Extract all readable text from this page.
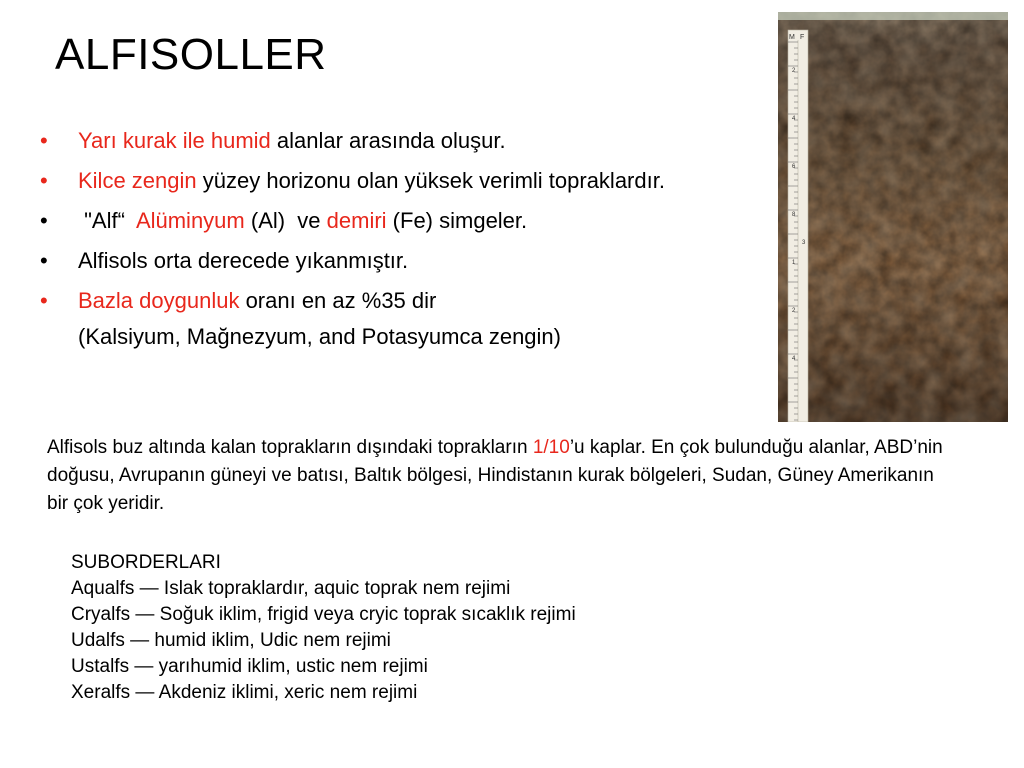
ALFISOLLER
• Yarı kurak ile humid alanlar arasında oluşur.
• Kilce zengin yüzey horizonu olan yüksek verimli topraklardır.
• "Alf“  Alüminyum (Al)  ve demiri (Fe) simgeler.
• Alfisols orta derecede yıkanmıştır.
• Bazla doygunluk oranı en az %35 dir
(Kalsiyum, Mağnezyum, and Potasyumca zengin)

Alfisols buz altında kalan toprakların dışındaki toprakların 1/10’u kaplar. En çok bulunduğu alanlar, ABD’nin doğusu, Avrupanın güneyi ve batısı, Baltık bölgesi, Hindistanın kurak bölgeleri, Sudan, Güney Amerikanın bir çok yeridir.

SUBORDERLARI
Aqualfs — Islak topraklardır, aquic toprak nem rejimi
Cryalfs — Soğuk iklim, frigid veya cryic toprak sıcaklık rejimi
Udalfs — humid iklim, Udic nem rejimi
Ustalfs — yarıhumid iklim, ustic nem rejimi
Xeralfs — Akdeniz iklimi, xeric nem rejimi
M F
2
4
6
8
3
1
2
4
